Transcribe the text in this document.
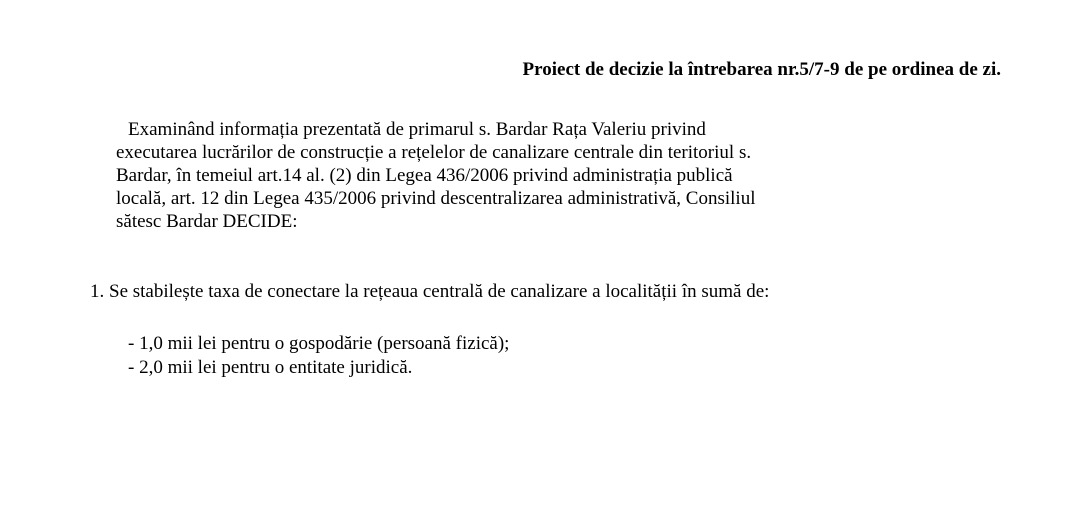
Proiect de decizie la întrebarea nr.5/7-9 de pe ordinea de zi.

Examinând informația prezentată de primarul s. Bardar Rața Valeriu privind
executarea lucrărilor de construcție a rețelelor de canalizare centrale din teritoriul s.
Bardar, în temeiul art.14 al. (2) din Legea 436/2006 privind administrația publică
locală, art. 12 din Legea 435/2006 privind descentralizarea administrativă, Consiliul
sătesc Bardar DECIDE:

1. Se stabilește taxa de conectare la rețeaua centrală de canalizare a localității în sumă de:

- 1,0 mii lei pentru o gospodărie (persoană fizică);
- 2,0 mii lei pentru o entitate juridică.
